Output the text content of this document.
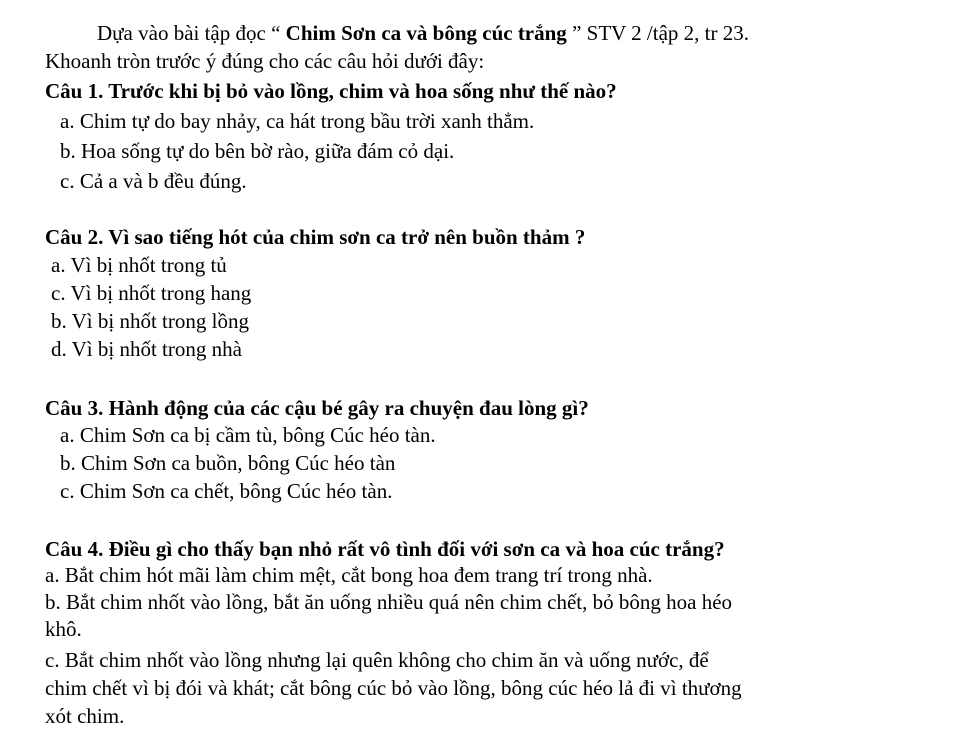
Dựa vào bài tập đọc “ Chim Sơn ca và bông cúc trắng ” STV 2 /tập 2, tr 23.
Khoanh tròn trước ý đúng cho các câu hỏi dưới đây:
Câu 1. Trước khi bị bỏ vào lồng, chim và hoa sống như thế nào?
a. Chim tự do bay nhảy, ca hát trong bầu trời xanh thẳm.
b. Hoa sống tự do bên bờ rào, giữa đám cỏ dại.
c. Cả a và b đều đúng.
Câu 2. Vì sao tiếng hót của chim sơn ca trở nên buồn thảm ?
a. Vì bị nhốt trong tủ
c. Vì bị nhốt trong hang
b. Vì bị nhốt trong lồng
d. Vì bị nhốt trong nhà
Câu 3. Hành động của các cậu bé gây ra chuyện đau lòng gì?
a. Chim Sơn ca bị cầm tù, bông Cúc héo tàn.
b. Chim Sơn ca buồn, bông Cúc héo tàn
c. Chim Sơn ca chết, bông Cúc héo tàn.
Câu 4. Điều gì cho thấy bạn nhỏ rất vô tình đối với sơn ca và hoa cúc trắng?
a. Bắt chim hót mãi làm chim mệt, cắt bong hoa đem trang trí trong nhà.
b. Bắt chim nhốt vào lồng, bắt ăn uống nhiều quá nên chim chết, bỏ bông hoa héo
khô.
c. Bắt chim nhốt vào lồng nhưng lại quên không cho chim ăn và uống nước, để
chim chết vì bị đói và khát; cắt bông cúc bỏ vào lồng, bông cúc héo lả đi vì thương
xót chim.
